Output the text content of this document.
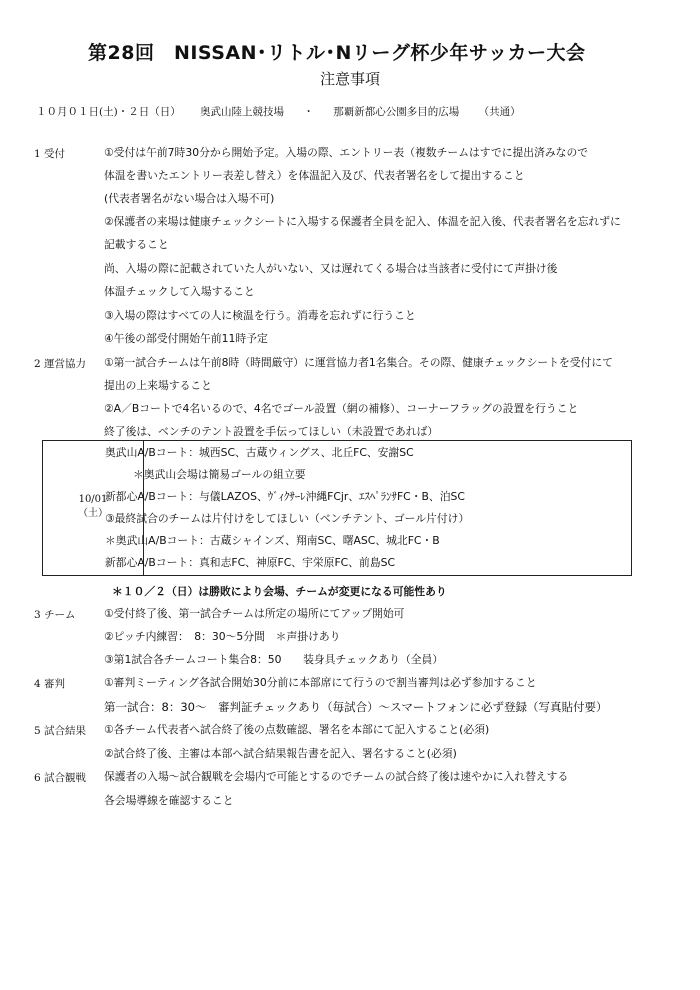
第28回　NISSAN･リトル･Nリーグ杯少年サッカー大会
注意事項
１０月０１日(土)・２日（日） 奥武山陸上競技場 ・ 那覇新都心公園多目的広場 （共通）
1 受付	①受付は午前7時30分から開始予定。入場の際、エントリー表（複数チームはすでに提出済みなので
体温を書いたエントリー表差し替え）を体温記入及び、代表者署名をして提出すること
(代表者署名がない場合は入場不可)
②保護者の来場は健康チェックシートに入場する保護者全員を記入、体温を記入後、代表者署名を忘れずに
記載すること
尚、入場の際に記載されていた人がいない、又は遅れてくる場合は当該者に受付にて声掛け後
体温チェックして入場すること
③入場の際はすべての人に検温を行う。消毒を忘れずに行うこと
④午後の部受付開始午前11時予定
2 運営協力 ①第一試合チームは午前8時（時間厳守）に運営協力者1名集合。その際、健康チェックシートを受付にて
提出の上来場すること
②A／Bコートで4名いるので、4名でゴール設置（網の補修）、コーナーフラッグの設置を行うこと
終了後は、ベンチのテント設置を手伝ってほしい（未設置であれば）
10/01
（土）
奥武山A/Bコート：城西SC、古蔵ウィングス、北丘FC、安謝SC
＊奥武山会場は簡易ゴールの組立要
新都心A/Bコート：与儀LAZOS、ｳﾞｨｸｻｰﾚ沖縄FCjr、ｴｽﾍﾟﾗﾝｻFC・B、泊SC
③最終試合のチームは片付けをしてほしい（ベンチテント、ゴール片付け）
＊奥武山A/Bコート：古蔵シャインズ、翔南SC、曙ASC、城北FC・B
新都心A/Bコート：真和志FC、神原FC、宇栄原FC、前島SC
＊１０／２（日）は勝敗により会場、チームが変更になる可能性あり
3 チーム	①受付終了後、第一試合チームは所定の場所にてアップ開始可
②ピッチ内練習：　8：30～5分間　＊声掛けあり
③第1試合各チームコート集合8：50　　装身具チェックあり（全員）
4 審判	①審判ミーティング各試合開始30分前に本部席にて行うので割当審判は必ず参加すること
第一試合：8：30～　審判証チェックあり（毎試合）～スマートフォンに必ず登録（写真貼付要）
5 試合結果 ①各チーム代表者へ試合終了後の点数確認、署名を本部にて記入すること(必須)
②試合終了後、主審は本部へ試合結果報告書を記入、署名すること(必須)
6 試合観戦 保護者の入場～試合観戦を会場内で可能とするのでチームの試合終了後は速やかに入れ替えする
各会場導線を確認すること
